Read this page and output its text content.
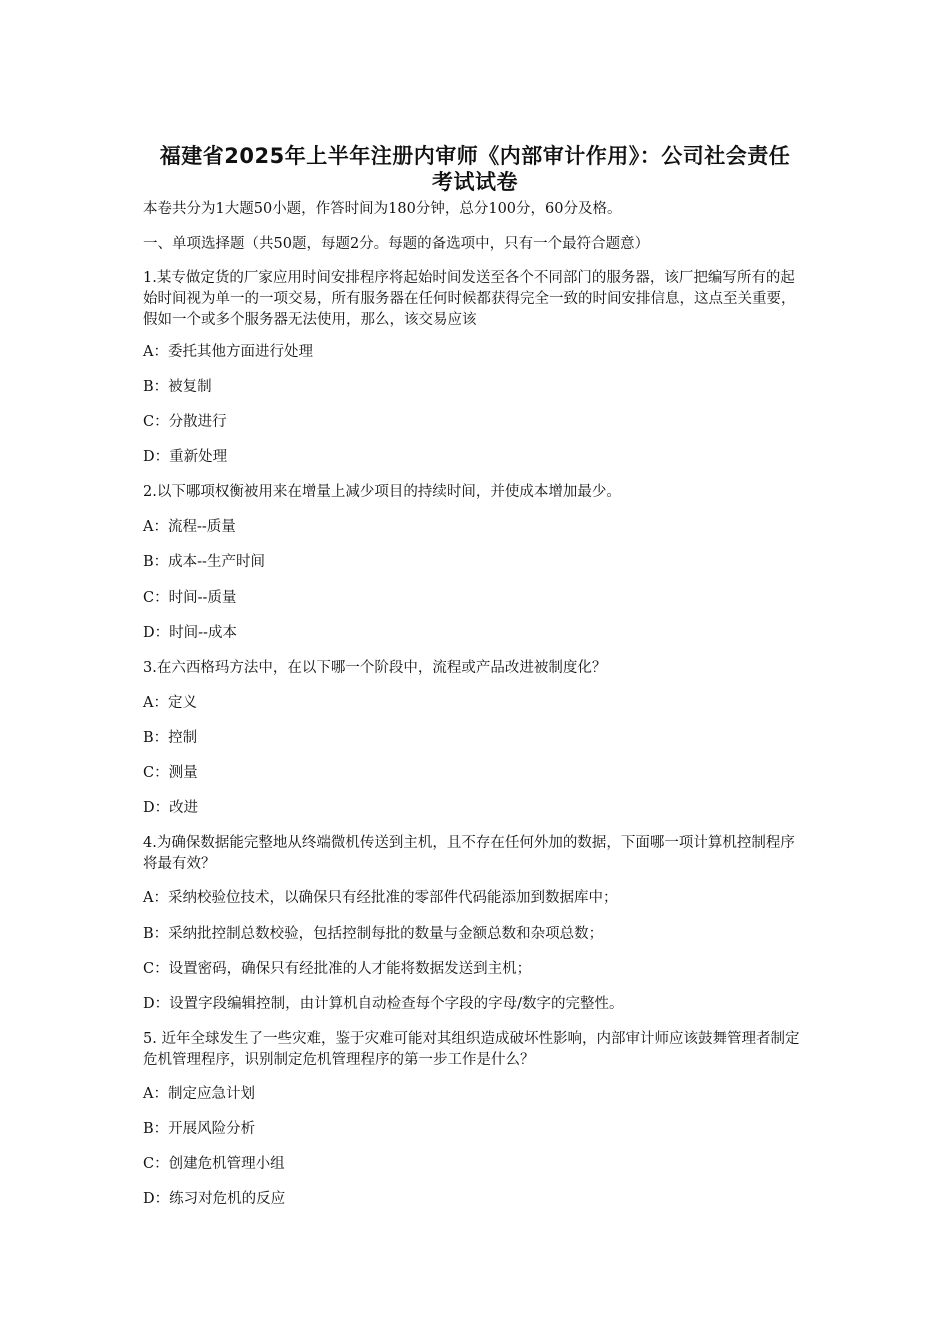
福建省2025年上半年注册内审师《内部审计作用》：公司社会责任
考试试卷
本卷共分为1大题50小题，作答时间为180分钟，总分100分，60分及格。
一、单项选择题（共50题，每题2分。每题的备选项中，只有一个最符合题意）
1.某专做定货的厂家应用时间安排程序将起始时间发送至各个不同部门的服务器，该厂把编写所有的起始时间视为单一的一项交易，所有服务器在任何时候都获得完全一致的时间安排信息，这点至关重要，假如一个或多个服务器无法使用，那么，该交易应该
A：委托其他方面进行处理
B：被复制
C：分散进行
D：重新处理
2.以下哪项权衡被用来在增量上减少项目的持续时间，并使成本增加最少。
A：流程--质量
B：成本--生产时间
C：时间--质量
D：时间--成本
3.在六西格玛方法中，在以下哪一个阶段中，流程或产品改进被制度化？
A：定义
B：控制
C：测量
D：改进
4.为确保数据能完整地从终端微机传送到主机，且不存在任何外加的数据，下面哪一项计算机控制程序将最有效？
A：采纳校验位技术，以确保只有经批准的零部件代码能添加到数据库中；
B：采纳批控制总数校验，包括控制每批的数量与金额总数和杂项总数；
C：设置密码，确保只有经批准的人才能将数据发送到主机；
D：设置字段编辑控制，由计算机自动检查每个字段的字母/数字的完整性。
5. 近年全球发生了一些灾难，鉴于灾难可能对其组织造成破坏性影响，内部审计师应该鼓舞管理者制定危机管理程序，识别制定危机管理程序的第一步工作是什么？
A：制定应急计划
B：开展风险分析
C：创建危机管理小组
D：练习对危机的反应
